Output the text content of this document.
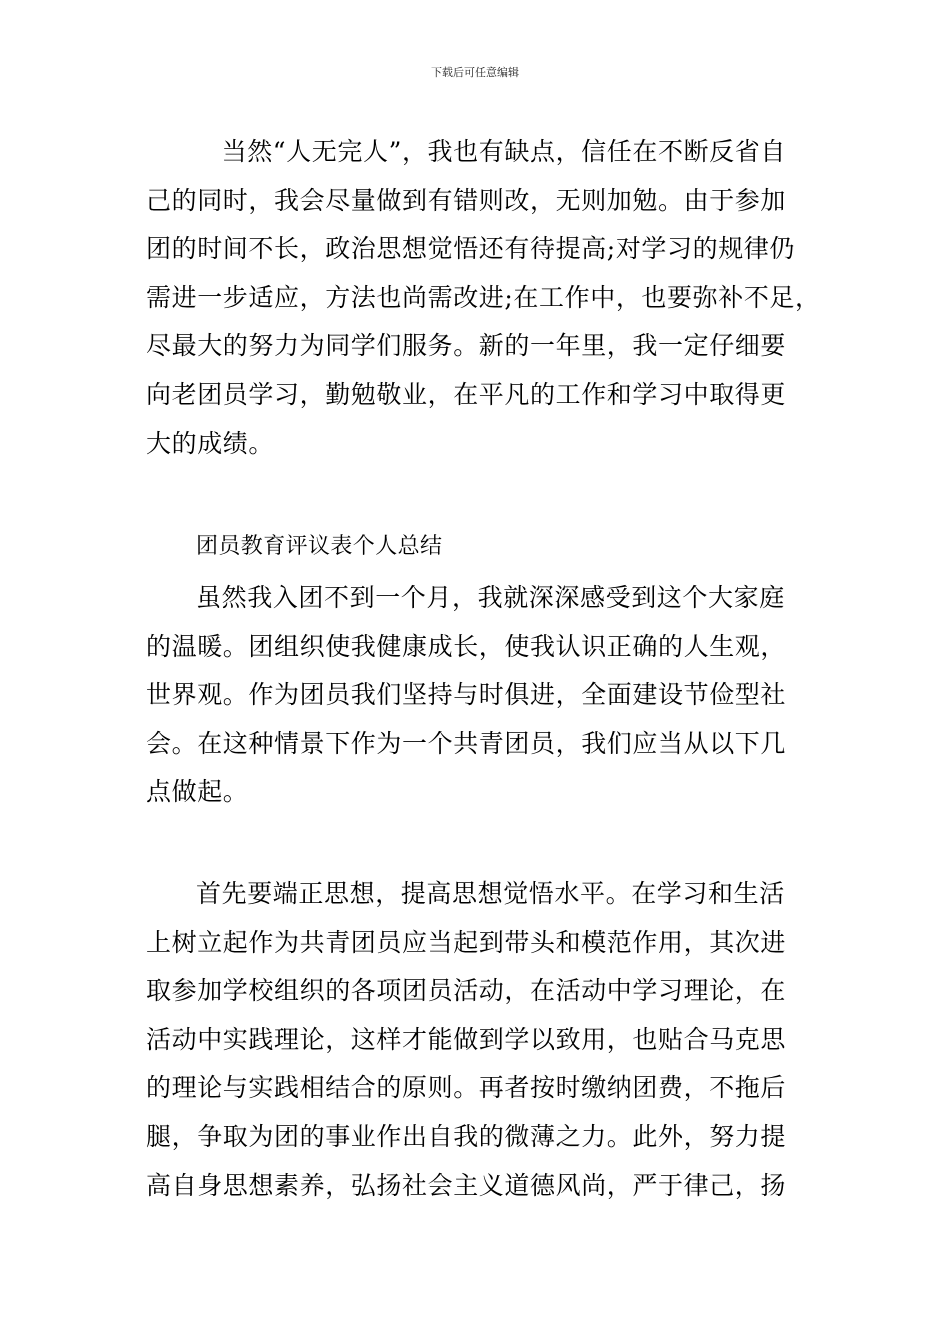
下载后可任意编辑
　当然“人无完人”，我也有缺点，信任在不断反省自
己的同时，我会尽量做到有错则改，无则加勉。由于参加
团的时间不长，政治思想觉悟还有待提高;对学习的规律仍
需进一步适应，方法也尚需改进;在工作中，也要弥补不足，
尽最大的努力为同学们服务。新的一年里，我一定仔细要
向老团员学习，勤勉敬业，在平凡的工作和学习中取得更
大的成绩。
团员教育评议表个人总结
虽然我入团不到一个月，我就深深感受到这个大家庭
的温暖。团组织使我健康成长，使我认识正确的人生观，
世界观。作为团员我们坚持与时俱进，全面建设节俭型社
会。在这种情景下作为一个共青团员，我们应当从以下几
点做起。
首先要端正思想，提高思想觉悟水平。在学习和生活
上树立起作为共青团员应当起到带头和模范作用，其次进
取参加学校组织的各项团员活动，在活动中学习理论，在
活动中实践理论，这样才能做到学以致用，也贴合马克思
的理论与实践相结合的原则。再者按时缴纳团费，不拖后
腿，争取为团的事业作出自我的微薄之力。此外，努力提
高自身思想素养，弘扬社会主义道德风尚，严于律己，扬
